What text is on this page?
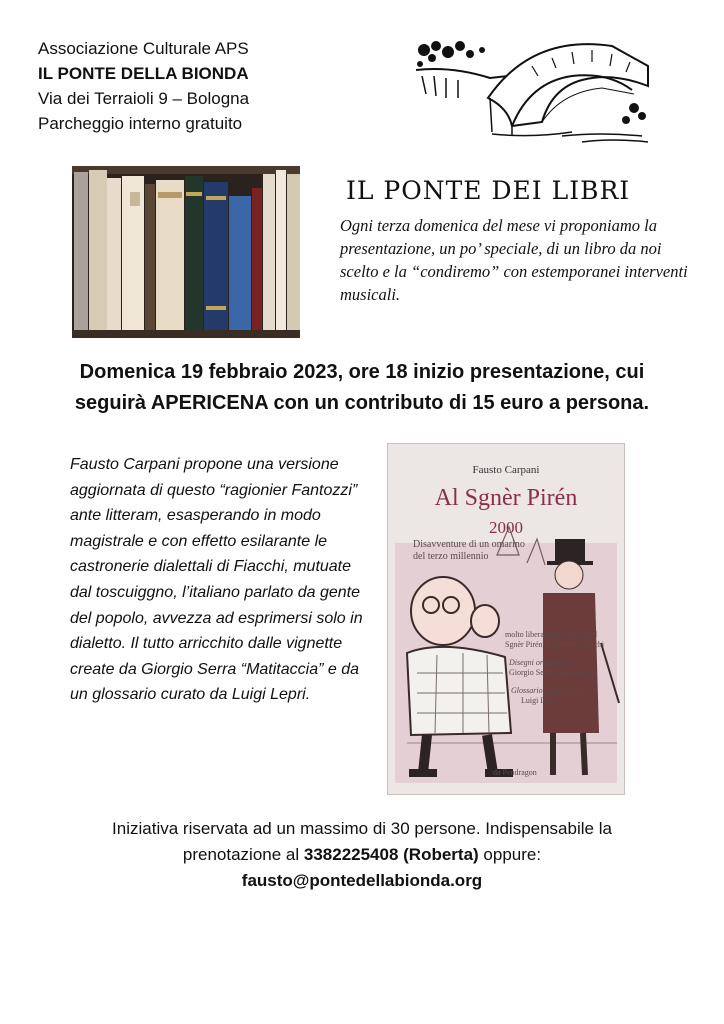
Associazione Culturale APS
IL PONTE DELLA BIONDA
Via dei Terraioli 9 – Bologna
Parcheggio interno gratuito
IL PONTE DEI LIBRI
Ogni terza domenica del mese vi proponiamo la presentazione, un po’ speciale, di un libro da noi scelto e la “condiremo” con estemporanei interventi musicali.
Domenica 19 febbraio 2023, ore 18 inizio presentazione, cui
seguirà APERICENA con un contributo di 15 euro a persona.
Fausto Carpani propone una versione aggiornata di questo “ragionier Fantozzi” ante litteram, esasperando in modo magistrale e con effetto esilarante le castronerie dialettali di Fiacchi, mutuate dal toscuiggno, l’italiano parlato da gente del popolo, avvezza ad esprimersi solo in dialetto. Il tutto arricchito dalle vignette create da Giorgio Serra “Matitaccia” e da un glossario curato da Luigi Lepri.
Fausto Carpani
Al Sgnèr Pirén
2000
Disavventure di un omarino
del terzo millennio
molto liberamente ispirato al
Sgnèr Pirén di Antonio Fiacchi
Disegni originali di
Giorgio Serra (Matitaccia)
Glossario compilato da
Luigi Lepri
da Pendragon
Iniziativa riservata ad un massimo di 30 persone. Indispensabile la
prenotazione al 3382225408 (Roberta) oppure:
fausto@pontedellabionda.org
